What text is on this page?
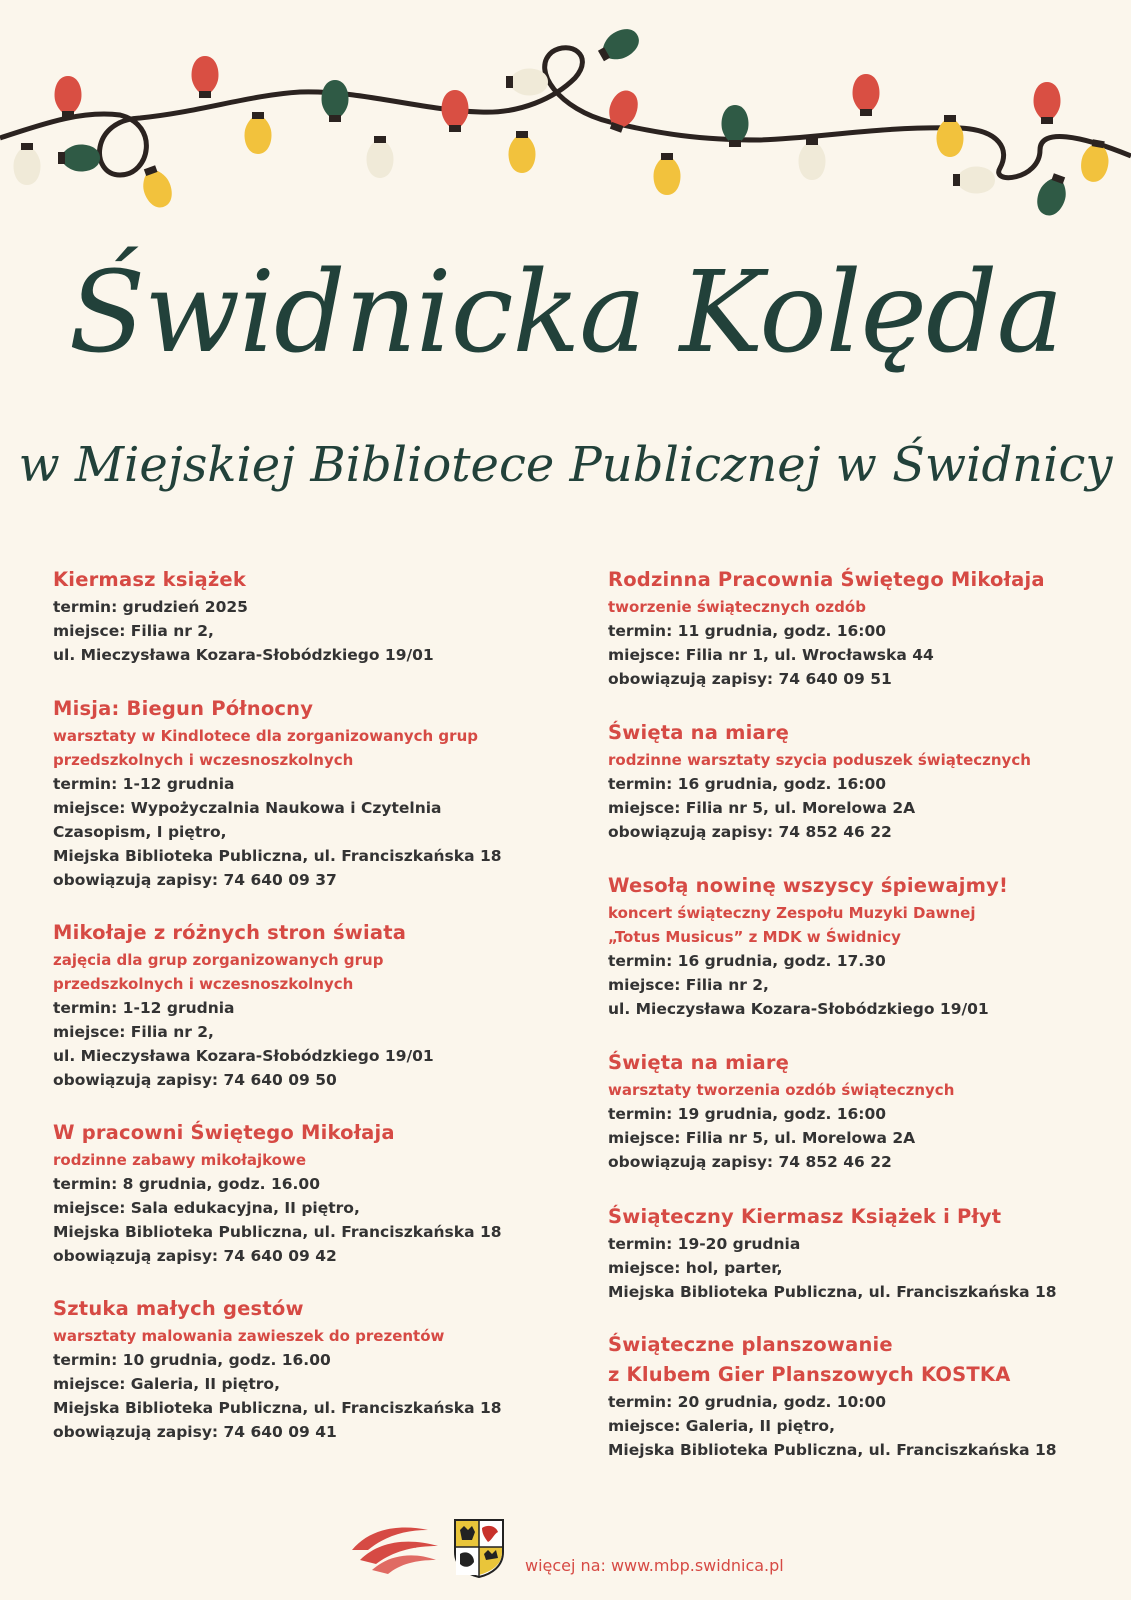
Świdnicka Kolęda
w Miejskiej Bibliotece Publicznej w Świdnicy
Kiermasz książek
termin: grudzień 2025
miejsce: Filia nr 2,
ul. Mieczysława Kozara-Słobódzkiego 19/01
Misja: Biegun Północny
warsztaty w Kindlotece dla zorganizowanych grup
przedszkolnych i wczesnoszkolnych
termin: 1-12 grudnia
miejsce: Wypożyczalnia Naukowa i Czytelnia
Czasopism, I piętro,
Miejska Biblioteka Publiczna, ul. Franciszkańska 18
obowiązują zapisy: 74 640 09 37
Mikołaje z różnych stron świata
zajęcia dla grup zorganizowanych grup
przedszkolnych i wczesnoszkolnych
termin: 1-12 grudnia
miejsce: Filia nr 2,
ul. Mieczysława Kozara-Słobódzkiego 19/01
obowiązują zapisy: 74 640 09 50
W pracowni Świętego Mikołaja
rodzinne zabawy mikołajkowe
termin: 8 grudnia, godz. 16.00
miejsce: Sala edukacyjna, II piętro,
Miejska Biblioteka Publiczna, ul. Franciszkańska 18
obowiązują zapisy: 74 640 09 42
Sztuka małych gestów
warsztaty malowania zawieszek do prezentów
termin: 10 grudnia, godz. 16.00
miejsce: Galeria, II piętro,
Miejska Biblioteka Publiczna, ul. Franciszkańska 18
obowiązują zapisy: 74 640 09 41
Rodzinna Pracownia Świętego Mikołaja
tworzenie świątecznych ozdób
termin: 11 grudnia, godz. 16:00
miejsce: Filia nr 1, ul. Wrocławska 44
obowiązują zapisy: 74 640 09 51
Święta na miarę
rodzinne warsztaty szycia poduszek świątecznych
termin: 16 grudnia, godz. 16:00
miejsce: Filia nr 5, ul. Morelowa 2A
obowiązują zapisy: 74 852 46 22
Wesołą nowinę wszyscy śpiewajmy!
koncert świąteczny Zespołu Muzyki Dawnej
„Totus Musicus” z MDK w Świdnicy
termin: 16 grudnia, godz. 17.30
miejsce: Filia nr 2,
ul. Mieczysława Kozara-Słobódzkiego 19/01
Święta na miarę
warsztaty tworzenia ozdób świątecznych
termin: 19 grudnia, godz. 16:00
miejsce: Filia nr 5, ul. Morelowa 2A
obowiązują zapisy: 74 852 46 22
Świąteczny Kiermasz Książek i Płyt
termin: 19-20 grudnia
miejsce: hol, parter,
Miejska Biblioteka Publiczna, ul. Franciszkańska 18
Świąteczne planszowanie
z Klubem Gier Planszowych KOSTKA
termin: 20 grudnia, godz. 10:00
miejsce: Galeria, II piętro,
Miejska Biblioteka Publiczna, ul. Franciszkańska 18
więcej na: www.mbp.swidnica.pl
